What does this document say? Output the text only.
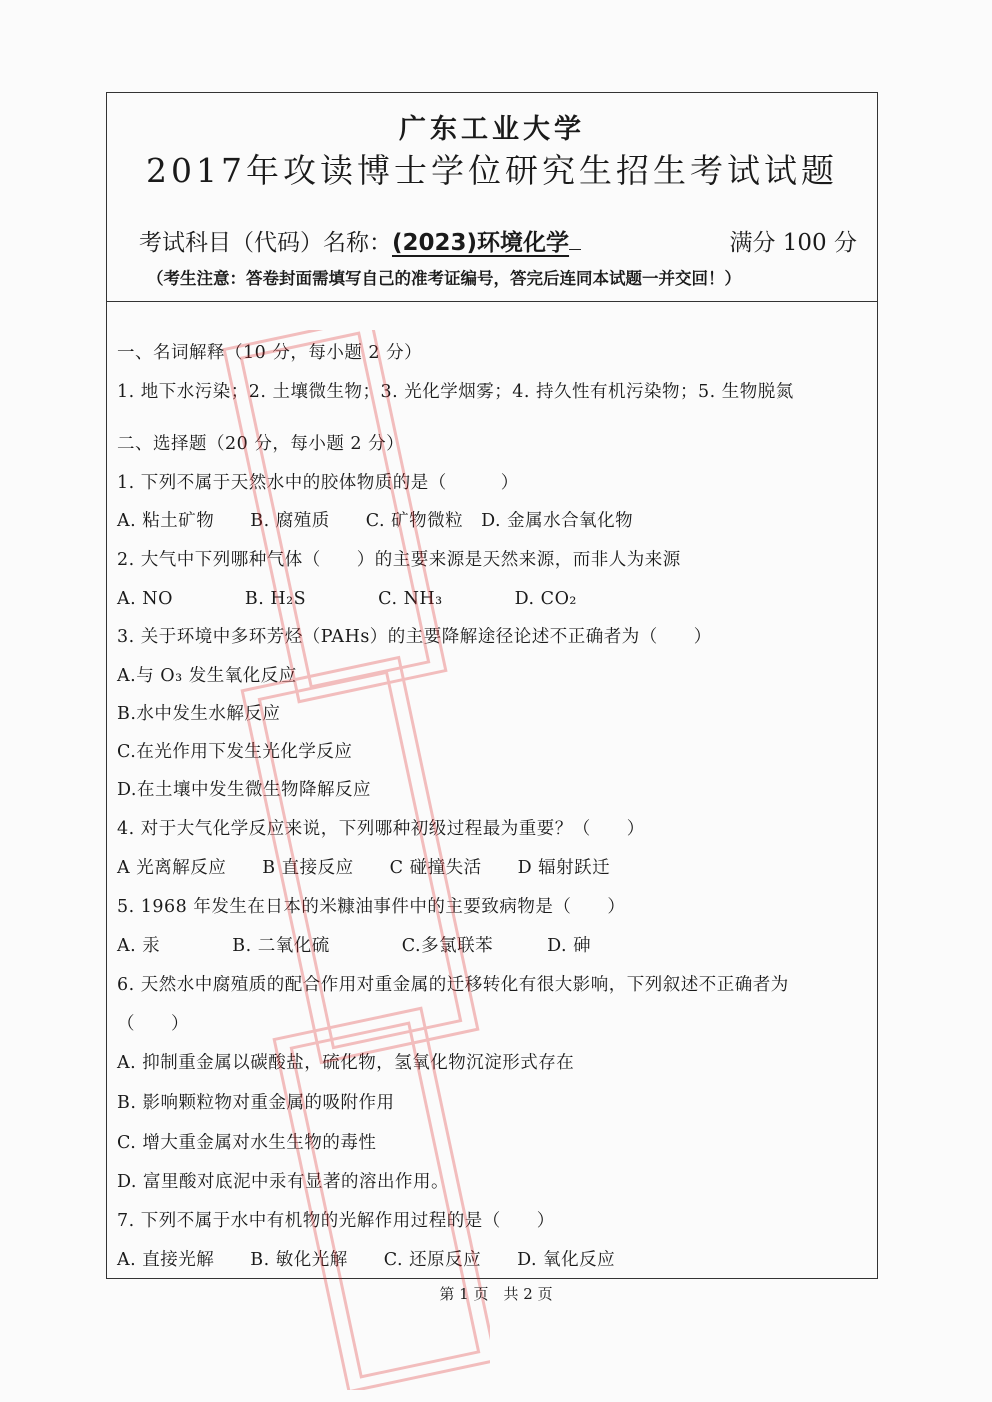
广东工业大学
2017年攻读博士学位研究生招生考试试题
考试科目（代码）名称：(2023)环境化学	满分 100 分
（考生注意：答卷封面需填写自己的准考证编号，答完后连同本试题一并交回！）
一、名词解释（10 分，每小题 2 分）
1. 地下水污染；2. 土壤微生物；3. 光化学烟雾；4. 持久性有机污染物；5. 生物脱氮
二、选择题（20 分，每小题 2 分）
1. 下列不属于天然水中的胶体物质的是（　　　）
A. 粘土矿物　　B. 腐殖质　　C. 矿物微粒　D. 金属水合氧化物
2. 大气中下列哪种气体（　　）的主要来源是天然来源，而非人为来源
A. NO　　　　B. H₂S　　　　C. NH₃　　　　D. CO₂
3. 关于环境中多环芳烃（PAHs）的主要降解途径论述不正确者为（　　）
A.与 O₃ 发生氧化反应
B.水中发生水解反应
C.在光作用下发生光化学反应
D.在土壤中发生微生物降解反应
4. 对于大气化学反应来说，下列哪种初级过程最为重要？（　　）
A 光离解反应　　B 直接反应　　C 碰撞失活　　D 辐射跃迁
5. 1968 年发生在日本的米糠油事件中的主要致病物是（　　）
A. 汞　　　　B. 二氧化硫　　　　C.多氯联苯　　　D. 砷
6. 天然水中腐殖质的配合作用对重金属的迁移转化有很大影响，下列叙述不正确者为
（　　）
A. 抑制重金属以碳酸盐，硫化物，氢氧化物沉淀形式存在
B. 影响颗粒物对重金属的吸附作用
C. 增大重金属对水生生物的毒性
D. 富里酸对底泥中汞有显著的溶出作用。
7. 下列不属于水中有机物的光解作用过程的是（　　）
A. 直接光解　　B. 敏化光解　　C. 还原反应　　D. 氧化反应
第 1 页　共 2 页
